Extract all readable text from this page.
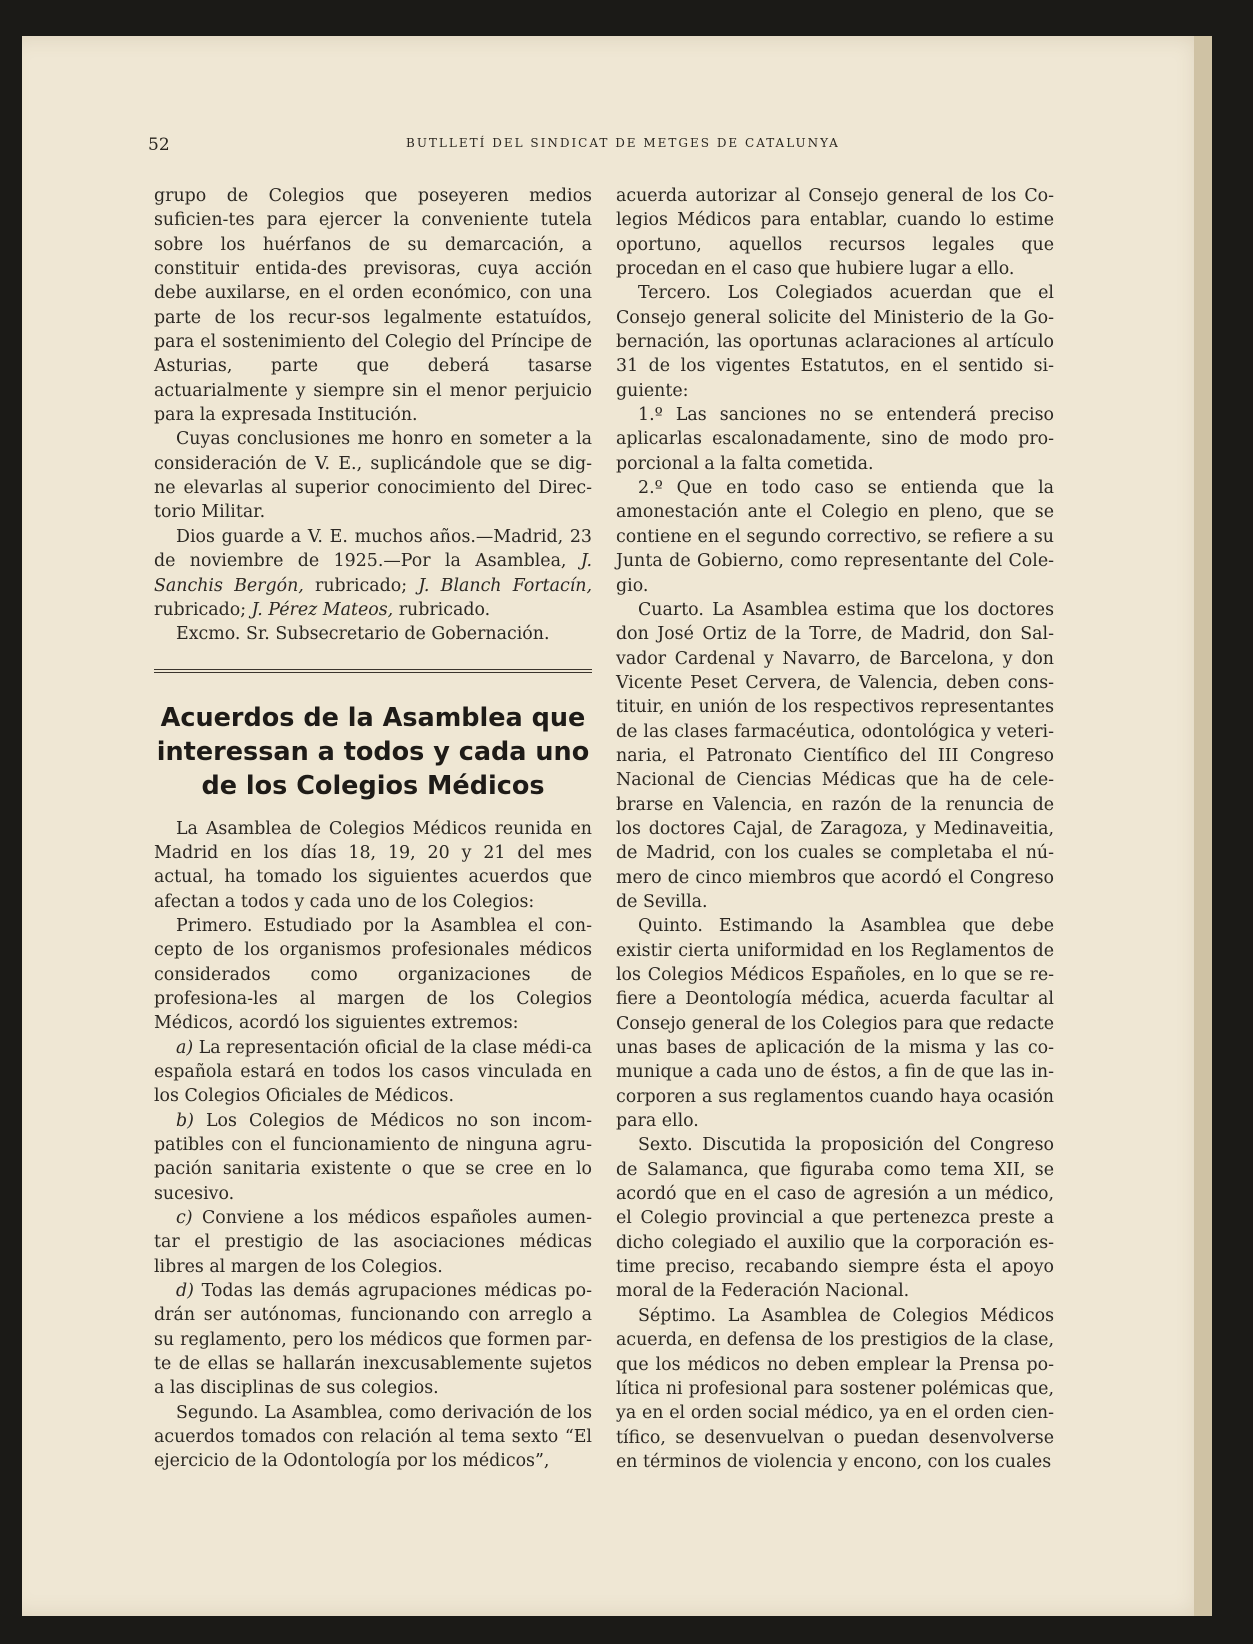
52	BUTLLETÍ DEL SINDICAT DE METGES DE CATALUNYA

grupo de Colegios que poseyeren medios suficien-tes para ejercer la conveniente tutela sobre los huérfanos de su demarcación, a constituir entida-des previsoras, cuya acción debe auxilarse, en el orden económico, con una parte de los recur-sos legalmente estatuídos, para el sostenimiento del Colegio del Príncipe de Asturias, parte que deberá tasarse actuarialmente y siempre sin el menor perjuicio para la expresada Institución.

Cuyas conclusiones me honro en someter a la consideración de V. E., suplicándole que se dig-ne elevarlas al superior conocimiento del Direc-torio Militar.

Dios guarde a V. E. muchos años.—Madrid, 23 de noviembre de 1925.—Por la Asamblea, J. Sanchis Bergón, rubricado; J. Blanch Fortacín, rubricado; J. Pérez Mateos, rubricado.

Excmo. Sr. Subsecretario de Gobernación.

Acuerdos de la Asamblea que interessan a todos y cada uno de los Colegios Médicos

La Asamblea de Colegios Médicos reunida en Madrid en los días 18, 19, 20 y 21 del mes actual, ha tomado los siguientes acuerdos que afectan a todos y cada uno de los Colegios:

Primero. Estudiado por la Asamblea el con-cepto de los organismos profesionales médicos considerados como organizaciones de profesiona-les al margen de los Colegios Médicos, acordó los siguientes extremos:

a) La representación oficial de la clase médi-ca española estará en todos los casos vinculada en los Colegios Oficiales de Médicos.

b) Los Colegios de Médicos no son incom-patibles con el funcionamiento de ninguna agru-pación sanitaria existente o que se cree en lo sucesivo.

c) Conviene a los médicos españoles aumen-tar el prestigio de las asociaciones médicas libres al margen de los Colegios.

d) Todas las demás agrupaciones médicas po-drán ser autónomas, funcionando con arreglo a su reglamento, pero los médicos que formen par-te de ellas se hallarán inexcusablemente sujetos a las disciplinas de sus colegios.

Segundo. La Asamblea, como derivación de los acuerdos tomados con relación al tema sexto “El ejercicio de la Odontología por los médicos”,

acuerda autorizar al Consejo general de los Co-legios Médicos para entablar, cuando lo estime oportuno, aquellos recursos legales que procedan en el caso que hubiere lugar a ello.

Tercero. Los Colegiados acuerdan que el Consejo general solicite del Ministerio de la Go-bernación, las oportunas aclaraciones al artículo 31 de los vigentes Estatutos, en el sentido si-guiente:

1.º Las sanciones no se entenderá preciso aplicarlas escalonadamente, sino de modo pro-porcional a la falta cometida.

2.º Que en todo caso se entienda que la amonestación ante el Colegio en pleno, que se contiene en el segundo correctivo, se refiere a su Junta de Gobierno, como representante del Cole-gio.

Cuarto. La Asamblea estima que los doctores don José Ortiz de la Torre, de Madrid, don Sal-vador Cardenal y Navarro, de Barcelona, y don Vicente Peset Cervera, de Valencia, deben cons-tituir, en unión de los respectivos representantes de las clases farmacéutica, odontológica y veteri-naria, el Patronato Científico del III Congreso Nacional de Ciencias Médicas que ha de cele-brarse en Valencia, en razón de la renuncia de los doctores Cajal, de Zaragoza, y Medinaveitia, de Madrid, con los cuales se completaba el nú-mero de cinco miembros que acordó el Congreso de Sevilla.

Quinto. Estimando la Asamblea que debe existir cierta uniformidad en los Reglamentos de los Colegios Médicos Españoles, en lo que se re-fiere a Deontología médica, acuerda facultar al Consejo general de los Colegios para que redacte unas bases de aplicación de la misma y las co-munique a cada uno de éstos, a fin de que las in-corporen a sus reglamentos cuando haya ocasión para ello.

Sexto. Discutida la proposición del Congreso de Salamanca, que figuraba como tema XII, se acordó que en el caso de agresión a un médico, el Colegio provincial a que pertenezca preste a dicho colegiado el auxilio que la corporación es-time preciso, recabando siempre ésta el apoyo moral de la Federación Nacional.

Séptimo. La Asamblea de Colegios Médicos acuerda, en defensa de los prestigios de la clase, que los médicos no deben emplear la Prensa po-lítica ni profesional para sostener polémicas que, ya en el orden social médico, ya en el orden cien-tífico, se desenvuelvan o puedan desenvolverse en términos de violencia y encono, con los cuales
